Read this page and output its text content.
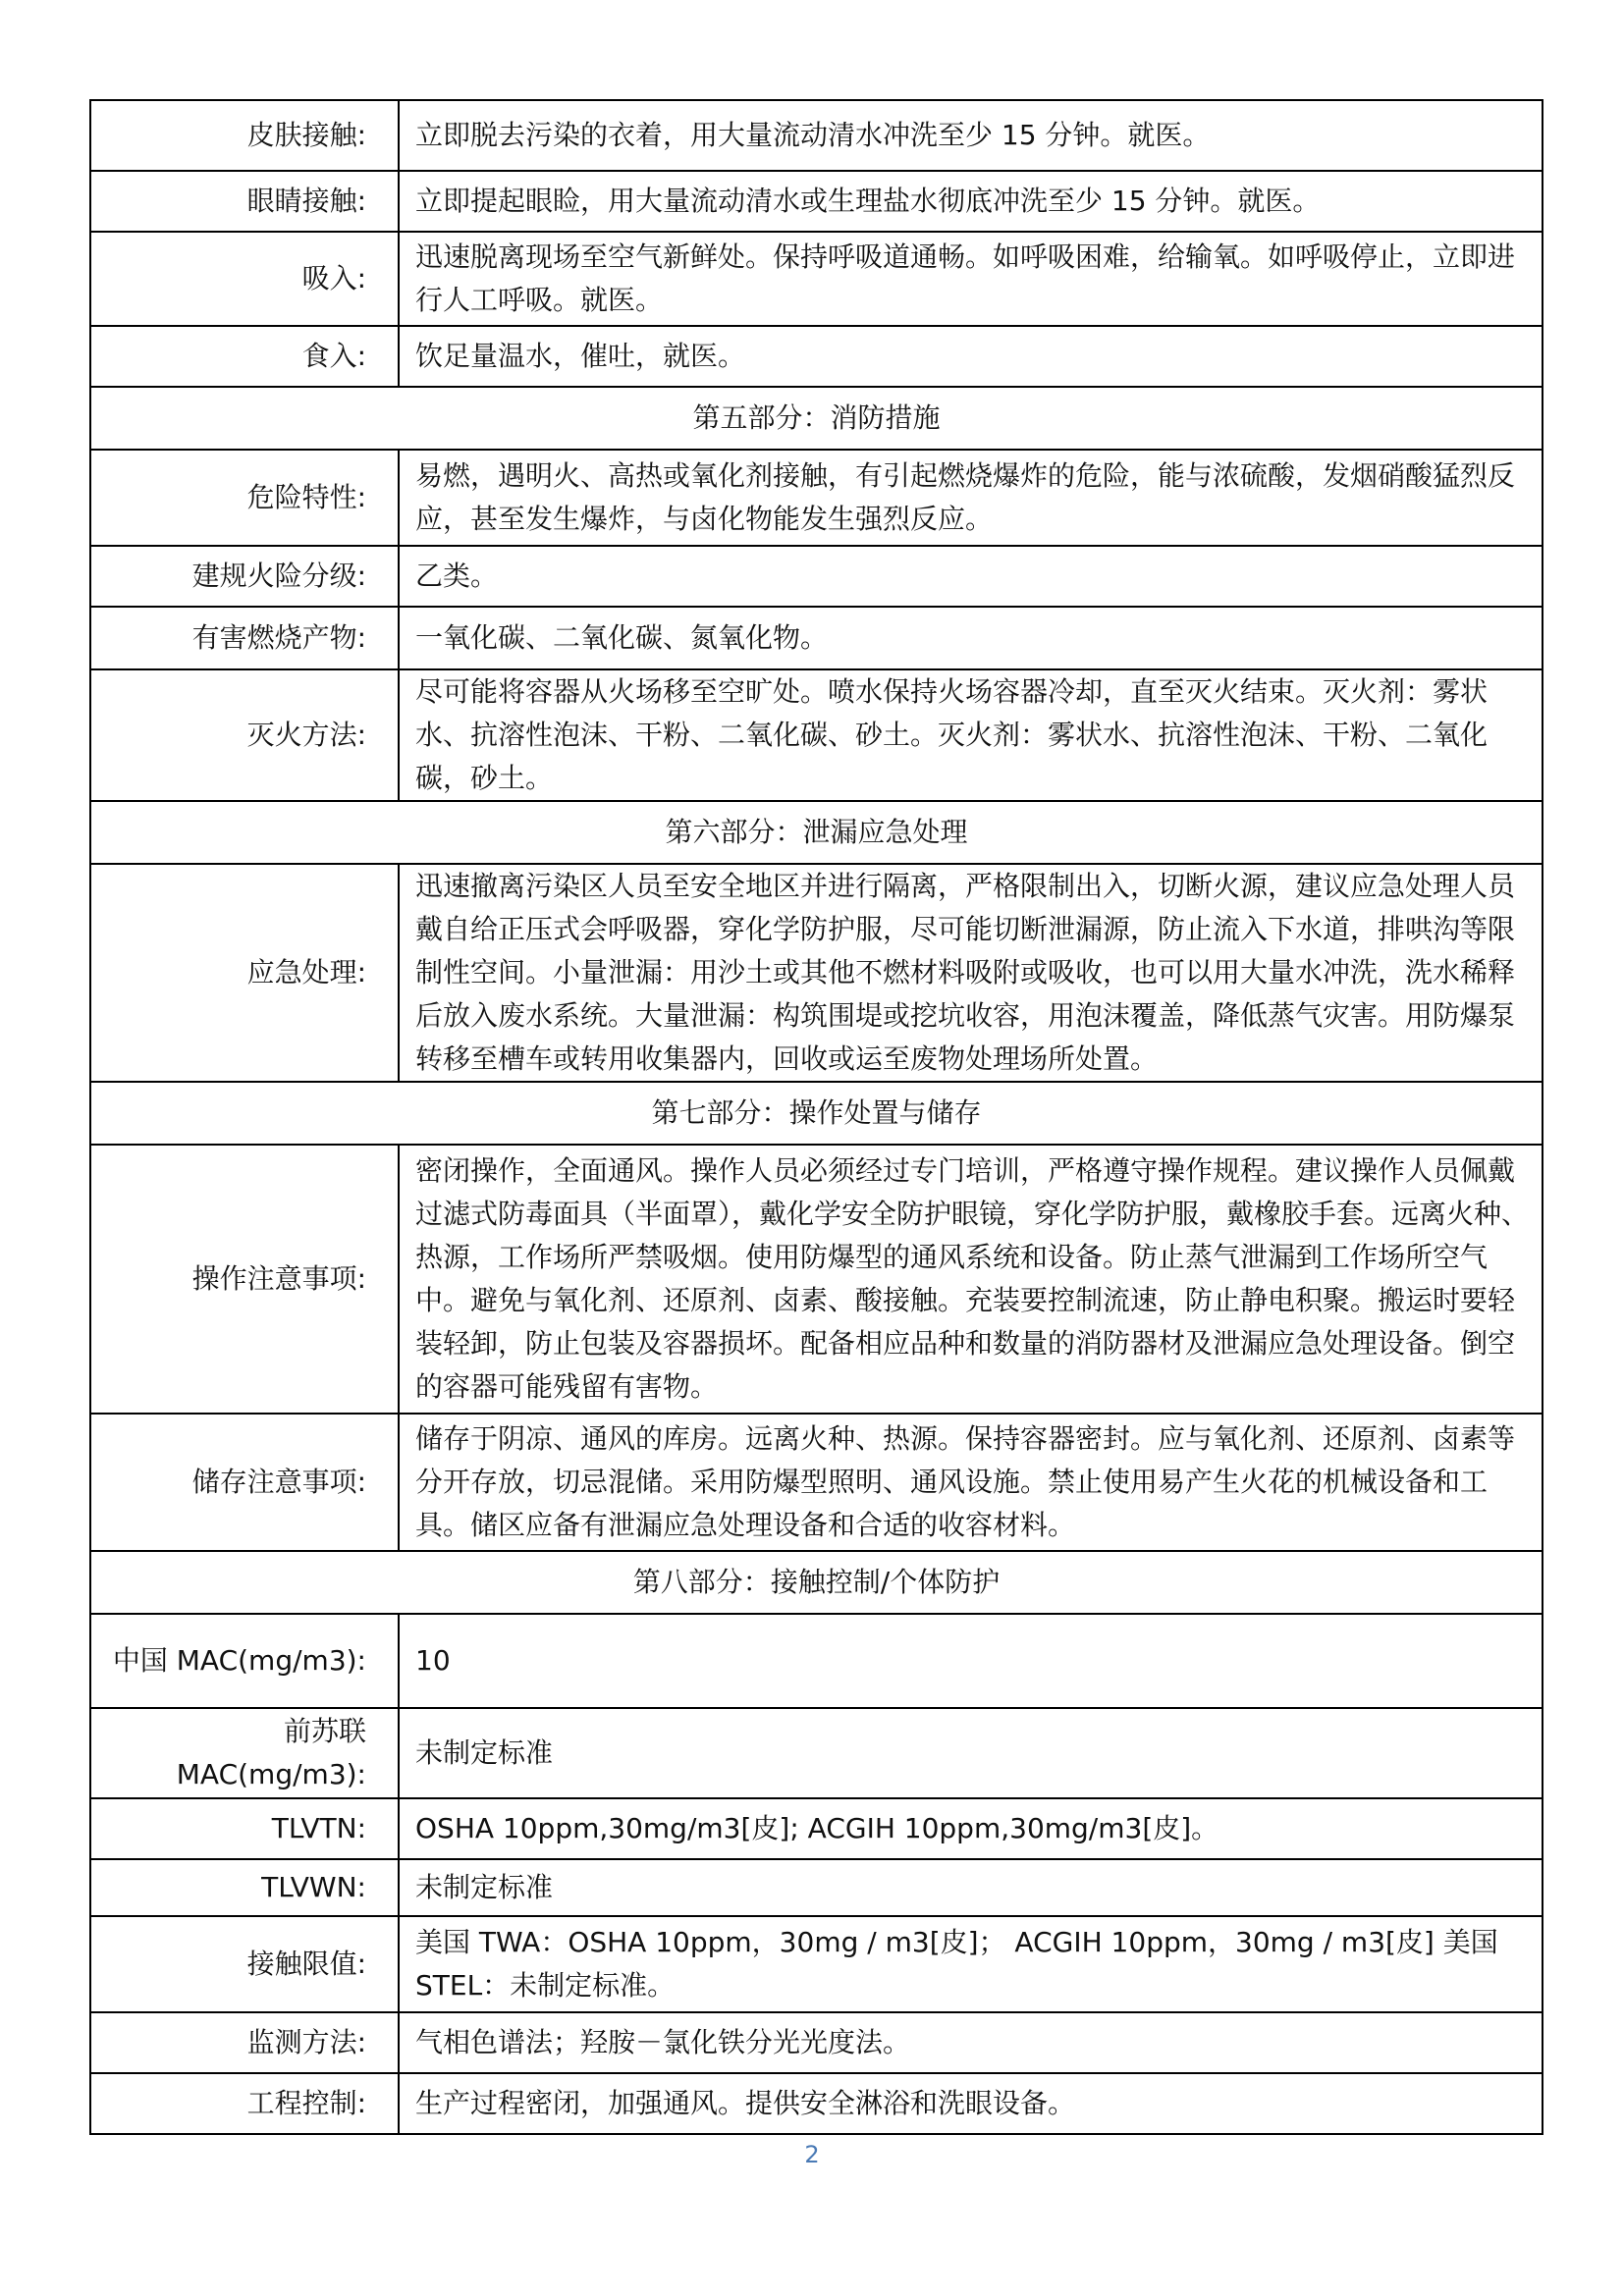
皮肤接触:	立即脱去污染的衣着，用大量流动清水冲洗至少 15 分钟。就医。
眼睛接触:	立即提起眼睑，用大量流动清水或生理盐水彻底冲洗至少 15 分钟。就医。
吸入:	迅速脱离现场至空气新鲜处。保持呼吸道通畅。如呼吸困难，给输氧。如呼吸停止，立即进行人工呼吸。就医。
食入:	饮足量温水，催吐，就医。
第五部分：消防措施	
危险特性:	易燃，遇明火、高热或氧化剂接触，有引起燃烧爆炸的危险，能与浓硫酸，发烟硝酸猛烈反应，甚至发生爆炸，与卤化物能发生强烈反应。
建规火险分级:	乙类。
有害燃烧产物:	一氧化碳、二氧化碳、氮氧化物。
灭火方法:	尽可能将容器从火场移至空旷处。喷水保持火场容器冷却，直至灭火结束。灭火剂：雾状水、抗溶性泡沫、干粉、二氧化碳、砂土。灭火剂：雾状水、抗溶性泡沫、干粉、二氧化碳，砂土。
第六部分：泄漏应急处理	
应急处理:	迅速撤离污染区人员至安全地区并进行隔离，严格限制出入，切断火源，建议应急处理人员戴自给正压式会呼吸器，穿化学防护服，尽可能切断泄漏源，防止流入下水道，排哄沟等限制性空间。小量泄漏：用沙土或其他不燃材料吸附或吸收，也可以用大量水冲洗，洗水稀释后放入废水系统。大量泄漏：构筑围堤或挖坑收容，用泡沫覆盖，降低蒸气灾害。用防爆泵转移至槽车或转用收集器内，回收或运至废物处理场所处置。
第七部分：操作处置与储存	
操作注意事项:	密闭操作，全面通风。操作人员必须经过专门培训，严格遵守操作规程。建议操作人员佩戴过滤式防毒面具（半面罩），戴化学安全防护眼镜，穿化学防护服，戴橡胶手套。远离火种、热源，工作场所严禁吸烟。使用防爆型的通风系统和设备。防止蒸气泄漏到工作场所空气中。避免与氧化剂、还原剂、卤素、酸接触。充装要控制流速，防止静电积聚。搬运时要轻装轻卸，防止包装及容器损坏。配备相应品种和数量的消防器材及泄漏应急处理设备。倒空的容器可能残留有害物。
储存注意事项:	储存于阴凉、通风的库房。远离火种、热源。保持容器密封。应与氧化剂、还原剂、卤素等分开存放，切忌混储。采用防爆型照明、通风设施。禁止使用易产生火花的机械设备和工具。储区应备有泄漏应急处理设备和合适的收容材料。
第八部分：接触控制/个体防护	
中国 MAC(mg/m3):	10
前苏联 MAC(mg/m3):	未制定标准
TLVTN:	OSHA 10ppm,30mg/m3[皮]; ACGIH 10ppm,30mg/m3[皮]。
TLVWN:	未制定标准
接触限值:	美国 TWA：OSHA 10ppm，30mg / m3[皮]； ACGIH 10ppm，30mg / m3[皮] 美国 STEL：未制定标准。
监测方法:	气相色谱法；羟胺－氯化铁分光光度法。
工程控制:	生产过程密闭，加强通风。提供安全淋浴和洗眼设备。
2
